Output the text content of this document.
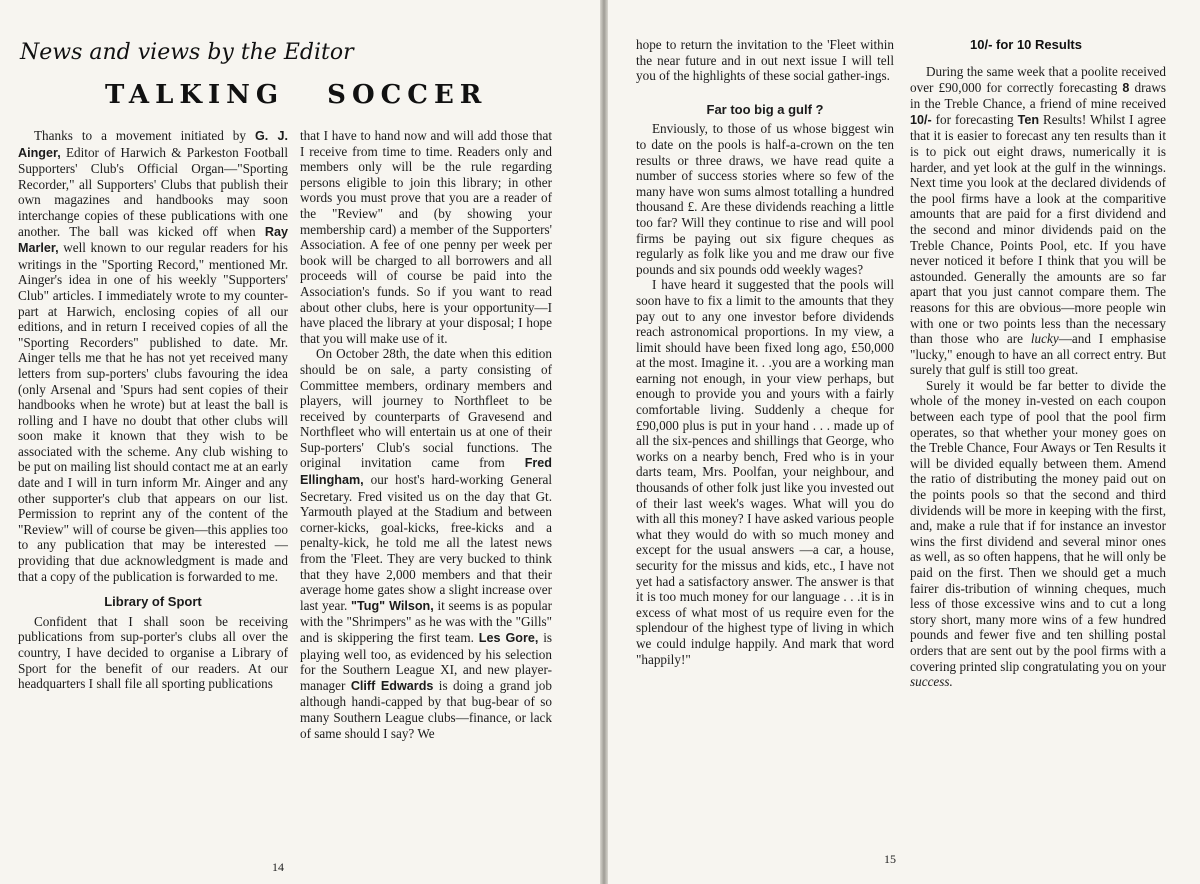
News and views by the Editor
TALKING SOCCER

Thanks to a movement initiated by G. J. Ainger, Editor of Harwich & Parkeston Football Supporters' Club's Official Organ—"Sporting Recorder," all Supporters' Clubs that publish their own magazines and handbooks may soon interchange copies of these publications with one another. The ball was kicked off when Ray Marler, well known to our regular readers for his writings in the "Sporting Record," mentioned Mr. Ainger's idea in one of his weekly "Supporters' Club" articles. I immediately wrote to my counter-part at Harwich, enclosing copies of all our editions, and in return I received copies of all the "Sporting Recorders" published to date. Mr. Ainger tells me that he has not yet received many letters from sup-porters' clubs favouring the idea (only Arsenal and 'Spurs had sent copies of their handbooks when he wrote) but at least the ball is rolling and I have no doubt that other clubs will soon make it known that they wish to be associated with the scheme. Any club wishing to be put on mailing list should contact me at an early date and I will in turn inform Mr. Ainger and any other supporter's club that appears on our list. Permission to reprint any of the content of the "Review" will of course be given—this applies too to any publication that may be interested — providing that due acknowledgment is made and that a copy of the publication is forwarded to me.

Library of Sport

Confident that I shall soon be receiving publications from sup-porter's clubs all over the country, I have decided to organise a Library of Sport for the benefit of our readers. At our headquarters I shall file all sporting publications

that I have to hand now and will add those that I receive from time to time. Readers only and members only will be the rule regarding persons eligible to join this library; in other words you must prove that you are a reader of the "Review" and (by showing your membership card) a member of the Supporters' Association. A fee of one penny per week per book will be charged to all borrowers and all proceeds will of course be paid into the Association's funds. So if you want to read about other clubs, here is your opportunity—I have placed the library at your disposal; I hope that you will make use of it.

On October 28th, the date when this edition should be on sale, a party consisting of Committee members, ordinary members and players, will journey to Northfleet to be received by counterparts of Gravesend and Northfleet who will entertain us at one of their Sup-porters' Club's social functions. The original invitation came from Fred Ellingham, our host's hard-working General Secretary. Fred visited us on the day that Gt. Yarmouth played at the Stadium and between corner-kicks, goal-kicks, free-kicks and a penalty-kick, he told me all the latest news from the 'Fleet. They are very bucked to think that they have 2,000 members and that their average home gates show a slight increase over last year. "Tug" Wilson, it seems is as popular with the "Shrimpers" as he was with the "Gills" and is skippering the first team. Les Gore, is playing well too, as evidenced by his selection for the Southern League XI, and new player-manager Cliff Edwards is doing a grand job although handi-capped by that bug-bear of so many Southern League clubs—finance, or lack of same should I say? We

14

hope to return the invitation to the 'Fleet within the near future and in out next issue I will tell you of the highlights of these social gather-ings.

Far too big a gulf ?

Enviously, to those of us whose biggest win to date on the pools is half-a-crown on the ten results or three draws, we have read quite a number of success stories where so few of the many have won sums almost totalling a hundred thousand £. Are these dividends reaching a little too far? Will they continue to rise and will pool firms be paying out six figure cheques as regularly as folk like you and me draw our five pounds and six pounds odd weekly wages?

I have heard it suggested that the pools will soon have to fix a limit to the amounts that they pay out to any one investor before dividends reach astronomical proportions. In my view, a limit should have been fixed long ago, £50,000 at the most. Imagine it. . .you are a working man earning not enough, in your view perhaps, but enough to provide you and yours with a fairly comfortable living. Suddenly a cheque for £90,000 plus is put in your hand . . . made up of all the six-pences and shillings that George, who works on a nearby bench, Fred who is in your darts team, Mrs. Poolfan, your neighbour, and thousands of other folk just like you invested out of their last week's wages. What will you do with all this money? I have asked various people what they would do with so much money and except for the usual answers —a car, a house, security for the missus and kids, etc., I have not yet had a satisfactory answer. The answer is that it is too much money for our language . . .it is in excess of what most of us require even for the splendour of the highest type of living in which we could indulge happily. And mark that word "happily!"

10/- for 10 Results

During the same week that a poolite received over £90,000 for correctly forecasting 8 draws in the Treble Chance, a friend of mine received 10/- for forecasting Ten Results! Whilst I agree that it is easier to forecast any ten results than it is to pick out eight draws, numerically it is harder, and yet look at the gulf in the winnings. Next time you look at the declared dividends of the pool firms have a look at the comparitive amounts that are paid for a first dividend and the second and minor dividends paid on the Treble Chance, Points Pool, etc. If you have never noticed it before I think that you will be astounded. Generally the amounts are so far apart that you just cannot compare them. The reasons for this are obvious—more people win with one or two points less than the necessary than those who are lucky—and I emphasise "lucky," enough to have an all correct entry. But surely that gulf is still too great.

Surely it would be far better to divide the whole of the money in-vested on each coupon between each type of pool that the pool firm operates, so that whether your money goes on the Treble Chance, Four Aways or Ten Results it will be divided equally between them. Amend the ratio of distributing the money paid out on the points pools so that the second and third dividends will be more in keeping with the first, and, make a rule that if for instance an investor wins the first dividend and several minor ones as well, as so often happens, that he will only be paid on the first. Then we should get a much fairer dis-tribution of winning cheques, much less of those excessive wins and to cut a long story short, many more wins of a few hundred pounds and fewer five and ten shilling postal orders that are sent out by the pool firms with a covering printed slip congratulating you on your success.

15
